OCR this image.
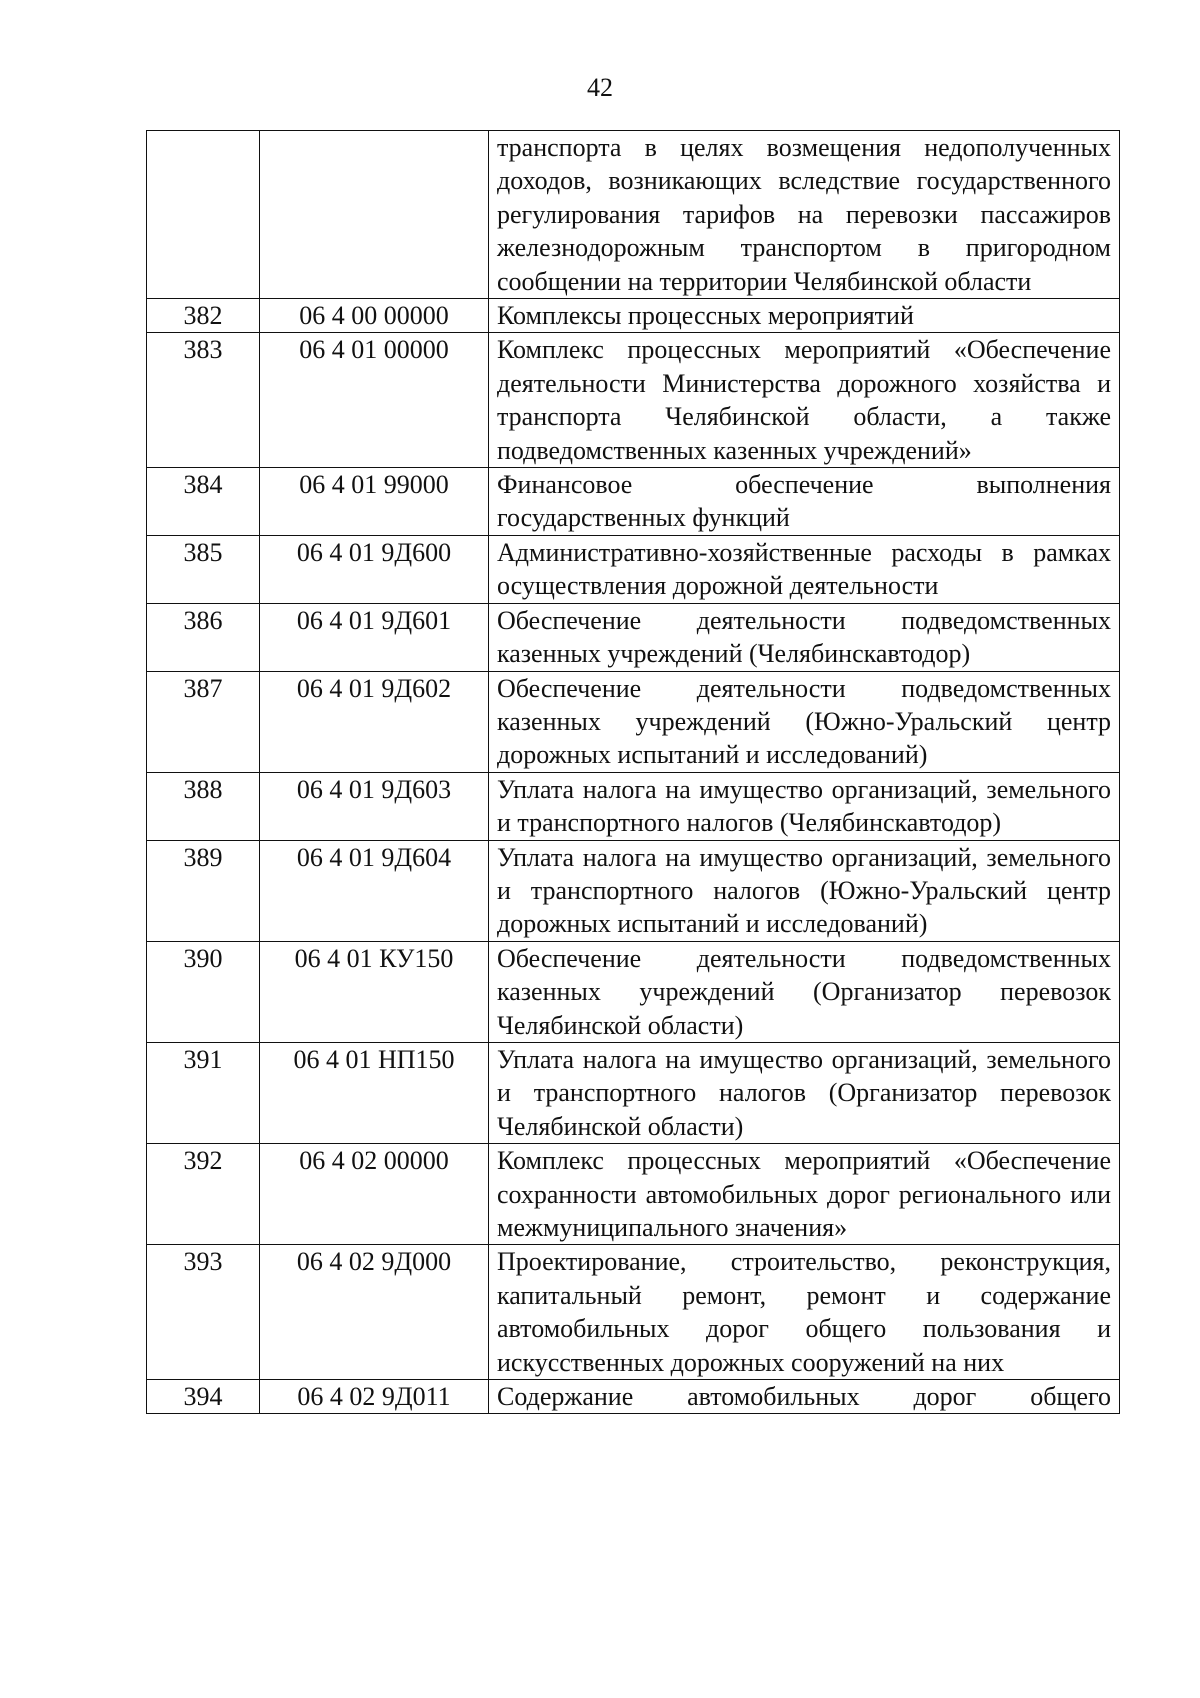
42
		транспорта в целях возмещения недополученных доходов, возникающих вследствие государственного регулирования тарифов на перевозки пассажиров железнодорожным транспортом в пригородном сообщении на территории Челябинской области
382	06 4 00 00000	Комплексы процессных мероприятий
383	06 4 01 00000	Комплекс процессных мероприятий «Обеспечение деятельности Министерства дорожного хозяйства и транспорта Челябинской области, а также подведомственных казенных учреждений»
384	06 4 01 99000	Финансовое обеспечение выполнения государственных функций
385	06 4 01 9Д600	Административно-хозяйственные расходы в рамках осуществления дорожной деятельности
386	06 4 01 9Д601	Обеспечение деятельности подведомственных казенных учреждений (Челябинскавтодор)
387	06 4 01 9Д602	Обеспечение деятельности подведомственных казенных учреждений (Южно-Уральский центр дорожных испытаний и исследований)
388	06 4 01 9Д603	Уплата налога на имущество организаций, земельного и транспортного налогов (Челябинскавтодор)
389	06 4 01 9Д604	Уплата налога на имущество организаций, земельного и транспортного налогов (Южно-Уральский центр дорожных испытаний и исследований)
390	06 4 01 КУ150	Обеспечение деятельности подведомственных казенных учреждений (Организатор перевозок Челябинской области)
391	06 4 01 НП150	Уплата налога на имущество организаций, земельного и транспортного налогов (Организатор перевозок Челябинской области)
392	06 4 02 00000	Комплекс процессных мероприятий «Обеспечение сохранности автомобильных дорог регионального или межмуниципального значения»
393	06 4 02 9Д000	Проектирование, строительство, реконструкция, капитальный ремонт, ремонт и содержание автомобильных дорог общего пользования и искусственных дорожных сооружений на них
394	06 4 02 9Д011	Содержание автомобильных дорог общего
